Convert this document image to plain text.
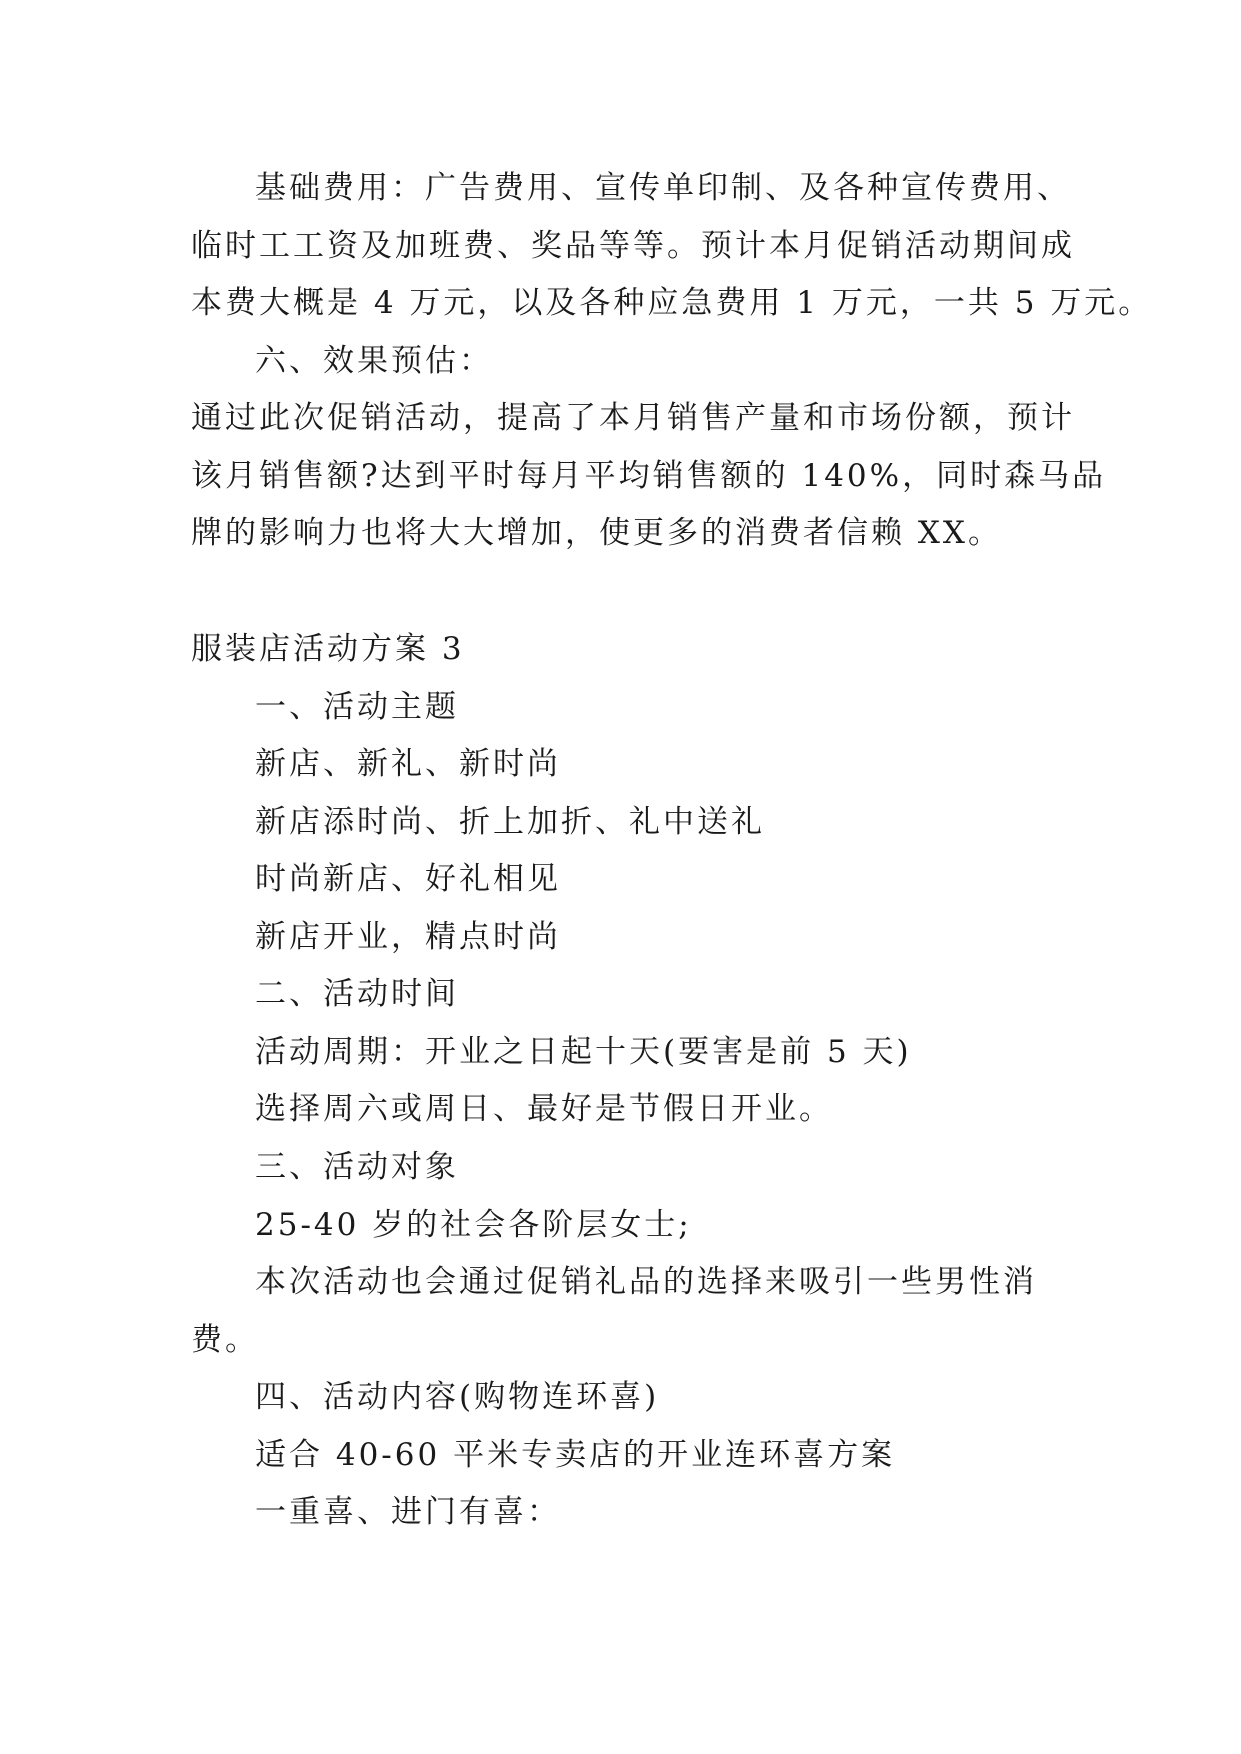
基础费用：广告费用、宣传单印制、及各种宣传费用、
临时工工资及加班费、奖品等等。预计本月促销活动期间成
本费大概是 4 万元，以及各种应急费用 1 万元，一共 5 万元。
六、效果预估：
通过此次促销活动，提高了本月销售产量和市场份额，预计
该月销售额?达到平时每月平均销售额的 140%，同时森马品
牌的影响力也将大大增加，使更多的消费者信赖 XX。
服装店活动方案 3
一、活动主题
新店、新礼、新时尚
新店添时尚、折上加折、礼中送礼
时尚新店、好礼相见
新店开业，精点时尚
二、活动时间
活动周期：开业之日起十天(要害是前 5 天)
选择周六或周日、最好是节假日开业。
三、活动对象
25-40 岁的社会各阶层女士;
本次活动也会通过促销礼品的选择来吸引一些男性消
费。
四、活动内容(购物连环喜)
适合 40-60 平米专卖店的开业连环喜方案
一重喜、进门有喜：
